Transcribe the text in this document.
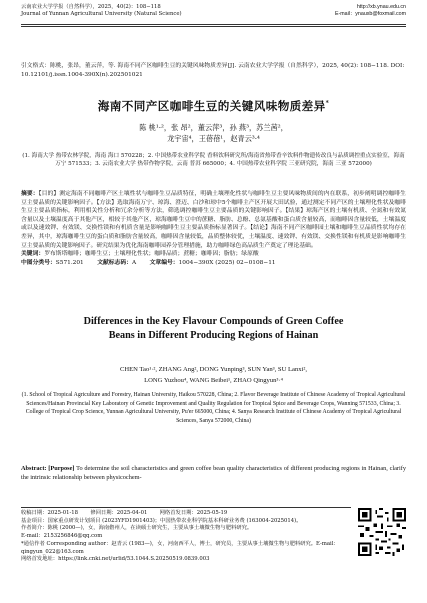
云南农业大学学报（自然科学），2025，40(2)：108−118
Journal of Yunnan Agricultural University (Natural Science)
http://xb.ynau.edu.cn
E-mail：ynauxb@foxmail.com
引文格式：陈桃，张昂，董云萍，等. 海南不同产区咖啡生豆的关键风味物质差异[J]. 云南农业大学学报（自然科学），2025, 40(2): 108−118. DOI: 10.12101/j.issn.1004-390X(n).202501021
海南不同产区咖啡生豆的关键风味物质差异*
陈 桃¹·²，张 昂²，董云萍³，孙 燕³，苏兰茜²，
龙宇宙⁴，王蓓蓓¹，赵青云³·⁴
(1. 海南大学 热带农林学院，海南 海口 570228；2. 中国热带农业科学院 香料饮料研究所/海南省热带香辛饮料作物遗传改良与品质调控重点实验室，海南 万宁 571533；3. 云南农业大学 热带作物学院，云南 普洱 665000；4. 中国热带农业科学院 三亚研究院，海南 三亚 572000)
摘要：【目的】测定海南不同咖啡产区土壤性状与咖啡生豆品质特征，明确土壤理化性状与咖啡生豆主要风味物质间的内在联系，初步阐明调控咖啡生豆主要品质的关键影响因子。【方法】选取海南万宁、琼海、澄迈、白沙和琼中5个咖啡主产区开展大田试验，通过测定不同产区的土壤理化性状及咖啡生豆主要品质指标，利用相关性分析和冗余分析等方法，筛选调控咖啡生豆主要品质的关键影响因子。【结果】琼海产区的土壤有机质、全氮和有效氮含量以及土壤温度高于其他产区，相较于其他产区，琼海咖啡生豆中的蔗糖、脂肪、总酚、总氨基酸和蛋白质含量较高，而咖啡因含量较低，土壤温度或以及速效钾、有效镁、交换性镁和有机质含量是影响咖啡生豆主要品质指标显著因子。【结论】海南不同产区咖啡园土壤和咖啡生豆品质性状均存在差异，其中，琼海咖啡生豆的蛋白质和脂肪含量较高，咖啡因含量较低，品质整体较优，土壤温度、速效钾、有效镁、交换性镁和有机质是影响咖啡生豆主要品质的关键影响因子。研究结果为优化海南咖啡园养分管理措施，助力咖啡绿色高品质生产奠定了理论基础。
关键词：罗布斯塔咖啡；咖啡生豆；土壤理化性状；咖啡品质；蔗糖；咖啡因；脂肪；绿原酸
中图分类号：S571.201    文献标志码：A    文章编号：1004−390X (2025) 02−0108−11
Differences in the Key Flavour Compounds of Green Coffee
Beans in Different Producing Regions of Hainan
CHEN Tao¹·², ZHANG Ang², DONG Yunping³, SUN Yan³, SU Lanxi²,
LONG Yuzhou⁴, WANG Beibei¹, ZHAO Qingyun³·⁴
(1. School of Tropical Agriculture and Forestry, Hainan University, Haikou 570228, China; 2. Flavor Beverage Institute of Chinese Academy of Tropical Agricultural Sciences/Hainan Provincial Key Laboratory of Genetic Improvement and Quality Regulation for Tropical Spice and Beverage Crops, Wanning 571533, China; 3. College of Tropical Crop Science, Yunnan Agricultural University, Pu'er 665000, China; 4. Sanya Research Institute of Chinese Academy of Tropical Agricultural Sciences, Sanya 572000, China)
Abstract: [Purpose] To determine the soil characteristics and green coffee bean quality characteristics of different producing regions in Hainan, clarify the intrinsic relationship between physicochem-
收稿日期：2025-01-18   修回日期：2025-04-01   网络首发日期：2025-05-19
基金项目：国家重点研发计划项目 (2023YFD1901403)；中国热带农业科学院基本科研业务费 (163004-2025014)。
作者简介：陈桃 (2000—)，女，海南儋州人，在读硕士研究生，主要从事土壤微生物与肥料研究。
E-mail：2153256846@qq.com
*通信作者 Corresponding author：赵青云 (1983—)，女，河南西平人，博士，研究员，主要从事土壤微生物与肥料研究。E-mail：qingyun_022@163.com
网络首发地址：https://link.cnki.net/urlid/53.1044.S.20250519.0839.003
